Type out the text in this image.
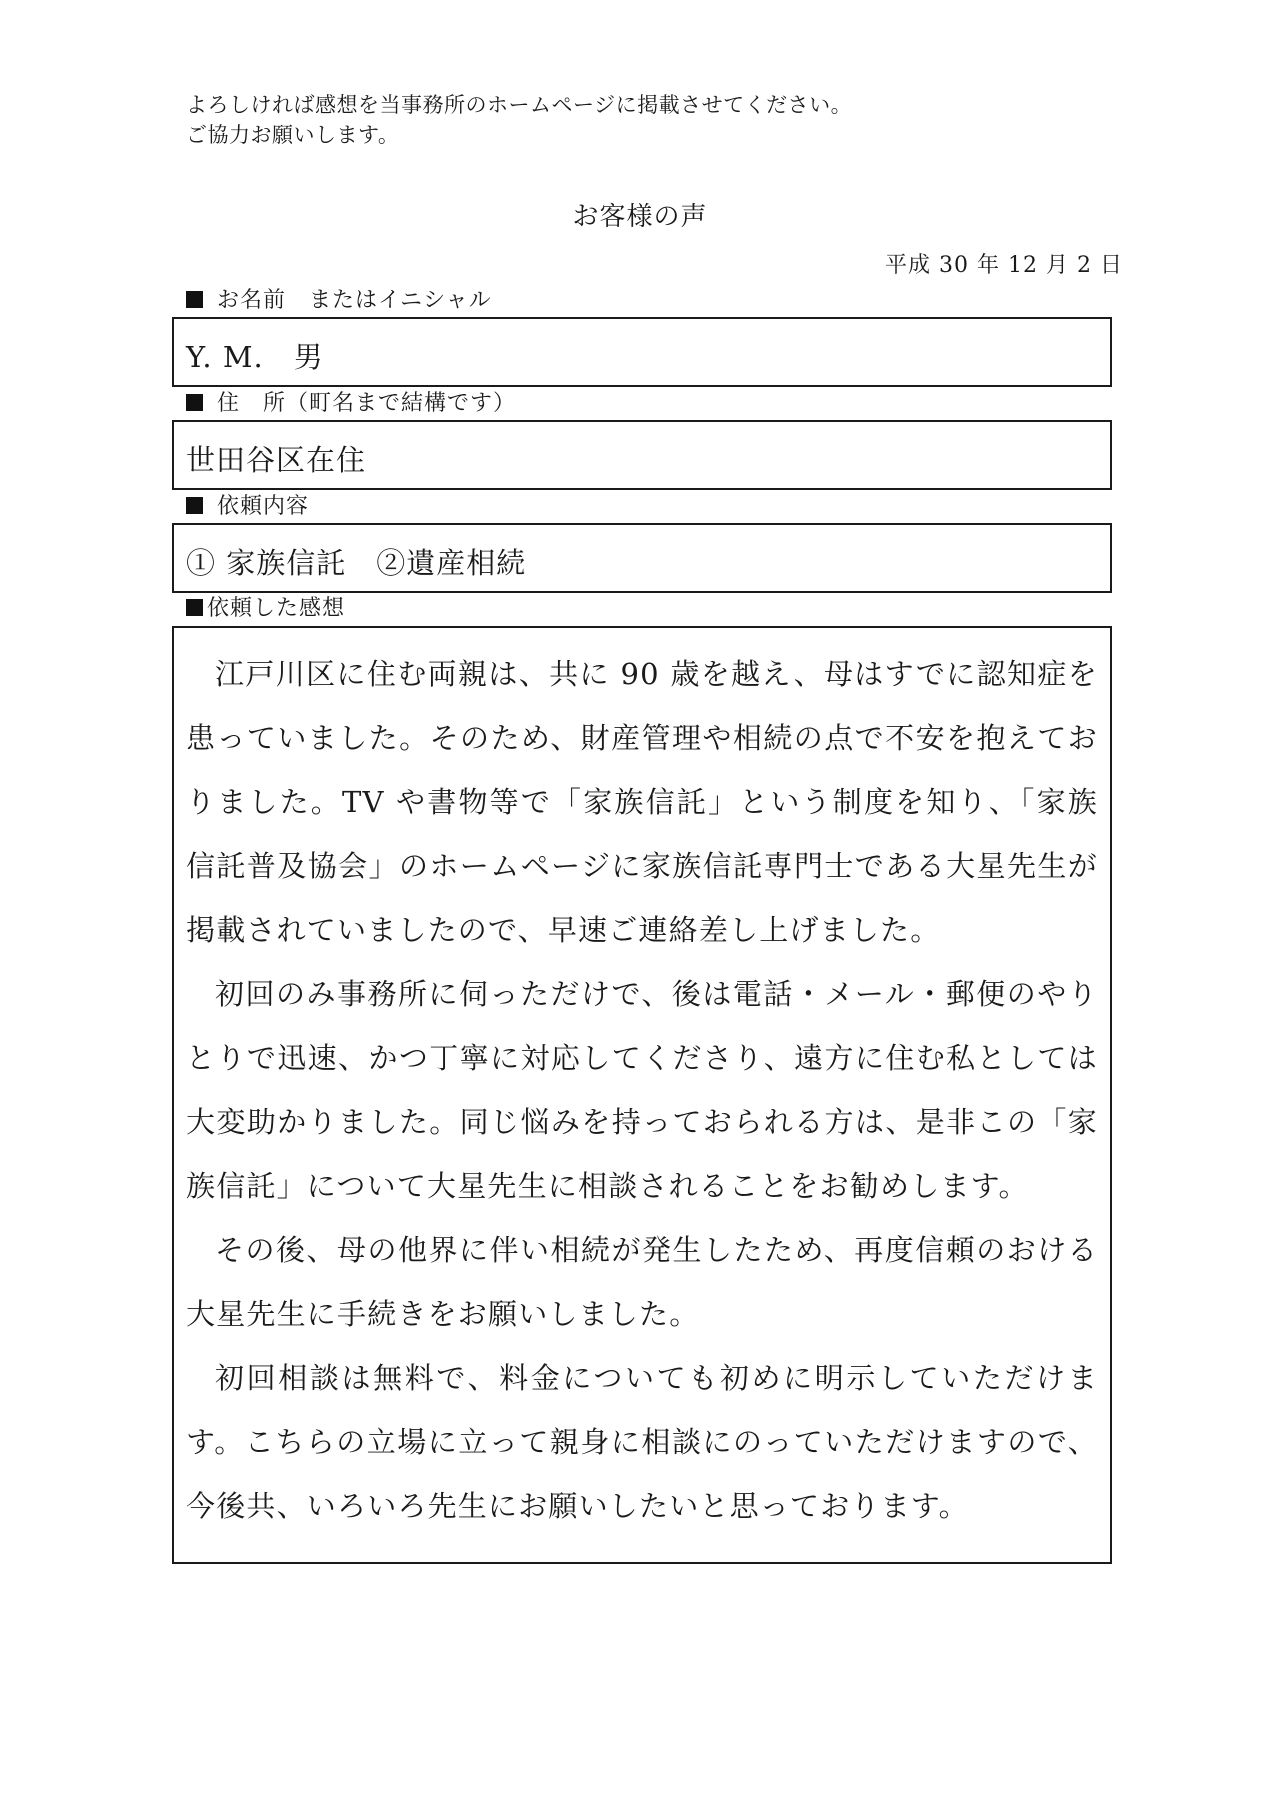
よろしければ感想を当事務所のホームページに掲載させてください。
ご協力お願いします。
お客様の声
平成 30 年 12 月 2 日
お名前　またはイニシャル
Y. M.　男
住　所（町名まで結構です）
世田谷区在住
依頼内容
① 家族信託　②遺産相続
依頼した感想

江戸川区に住む両親は、共に 90 歳を越え、母はすでに認知症を患っていました。そのため、財産管理や相続の点で不安を抱えておりました。TV や書物等で「家族信託」という制度を知り、「家族信託普及協会」のホームページに家族信託専門士である大星先生が掲載されていましたので、早速ご連絡差し上げました。

初回のみ事務所に伺っただけで、後は電話・メール・郵便のやりとりで迅速、かつ丁寧に対応してくださり、遠方に住む私としては大変助かりました。同じ悩みを持っておられる方は、是非この「家族信託」について大星先生に相談されることをお勧めします。

その後、母の他界に伴い相続が発生したため、再度信頼のおける大星先生に手続きをお願いしました。

初回相談は無料で、料金についても初めに明示していただけます。こちらの立場に立って親身に相談にのっていただけますので、今後共、いろいろ先生にお願いしたいと思っております。
